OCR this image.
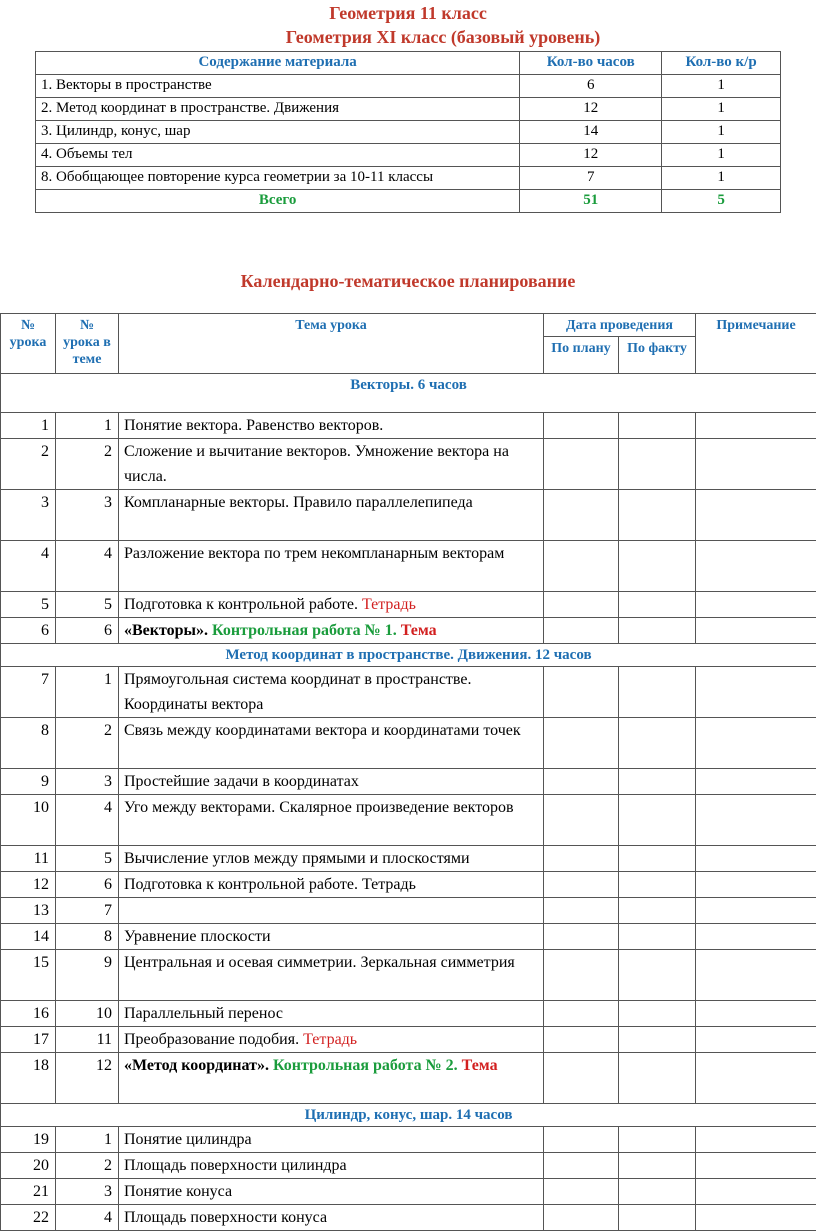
Геометрия 11 класс
Геометрия XI класс (базовый уровень)
Содержание материала	Кол-во часов	Кол-во к/р
1. Векторы в пространстве	6	1
2. Метод координат в пространстве. Движения	12	1
3. Цилиндр, конус, шар	14	1
4. Объемы тел	12	1
8. Обобщающее повторение курса геометрии за 10-11 классы	7	1
Всего	51	5
Календарно-тематическое планирование
№ урока	№ урока в теме	Тема урока	Дата проведения		Примечание
			По плану	По факту	
Векторы. 6 часов					
1	1	Понятие вектора. Равенство векторов.			
2	2	Сложение и вычитание векторов. Умножение вектора на числа.			
3	3	Компланарные векторы. Правило параллелепипеда			
4	4	Разложение вектора по трем некомпланарным векторам			
5	5	Подготовка к контрольной работе. Тетрадь			
6	6	«Векторы». Контрольная работа № 1. Тема			
Метод координат в пространстве. Движения. 12 часов					
7	1	Прямоугольная система координат в пространстве. Координаты вектора			
8	2	Связь между координатами вектора и координатами точек			
9	3	Простейшие задачи в координатах			
10	4	Уго между векторами. Скалярное произведение векторов			
11	5	Вычисление углов между прямыми и плоскостями			
12	6	Подготовка к контрольной работе. Тетрадь			
13	7				
14	8	Уравнение плоскости			
15	9	Центральная и осевая симметрии. Зеркальная симметрия			
16	10	Параллельный перенос			
17	11	Преобразование подобия. Тетрадь			
18	12	«Метод координат». Контрольная работа № 2. Тема			
Цилиндр, конус, шар. 14 часов					
19	1	Понятие цилиндра			
20	2	Площадь поверхности цилиндра			
21	3	Понятие конуса			
22	4	Площадь поверхности конуса			
